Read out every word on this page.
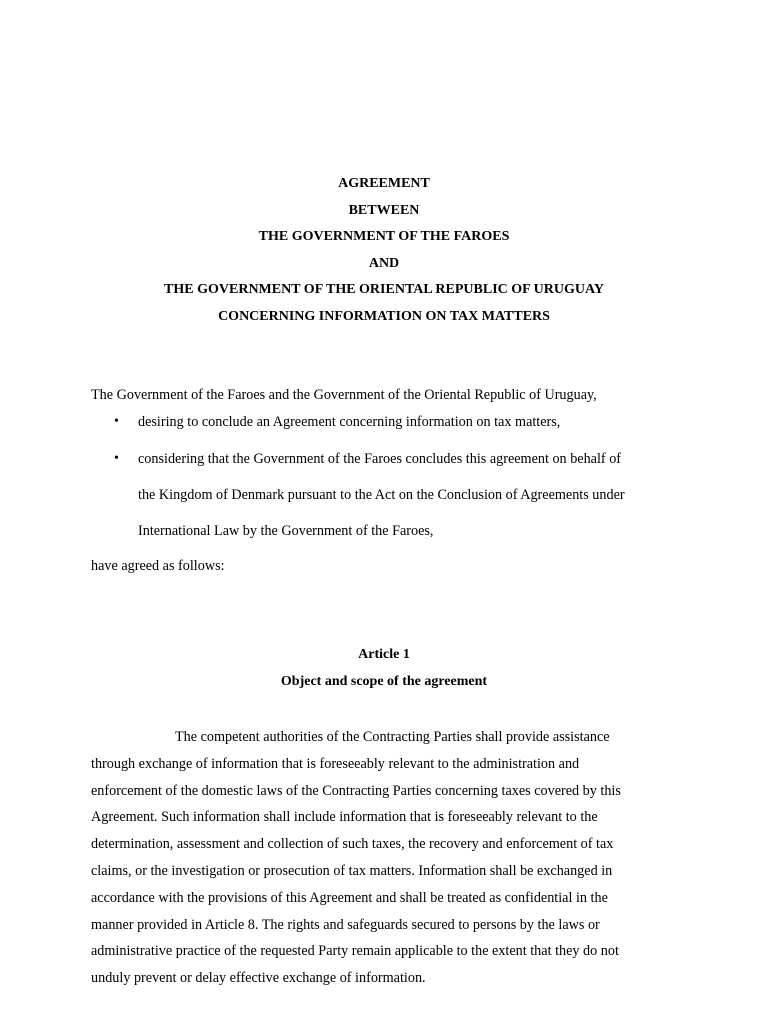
AGREEMENT
BETWEEN
THE GOVERNMENT OF THE FAROES
AND
THE GOVERNMENT OF THE ORIENTAL REPUBLIC OF URUGUAY
CONCERNING INFORMATION ON TAX MATTERS
The Government of the Faroes and the Government of the Oriental Republic of Uruguay,
• desiring to conclude an Agreement concerning information on tax matters,
• considering that the Government of the Faroes concludes this agreement on behalf of
the Kingdom of Denmark pursuant to the Act on the Conclusion of Agreements under
International Law by the Government of the Faroes,
have agreed as follows:
Article 1
Object and scope of the agreement
The competent authorities of the Contracting Parties shall provide assistance
through exchange of information that is foreseeably relevant to the administration and
enforcement of the domestic laws of the Contracting Parties concerning taxes covered by this
Agreement. Such information shall include information that is foreseeably relevant to the
determination, assessment and collection of such taxes, the recovery and enforcement of tax
claims, or the investigation or prosecution of tax matters. Information shall be exchanged in
accordance with the provisions of this Agreement and shall be treated as confidential in the
manner provided in Article 8. The rights and safeguards secured to persons by the laws or
administrative practice of the requested Party remain applicable to the extent that they do not
unduly prevent or delay effective exchange of information.
